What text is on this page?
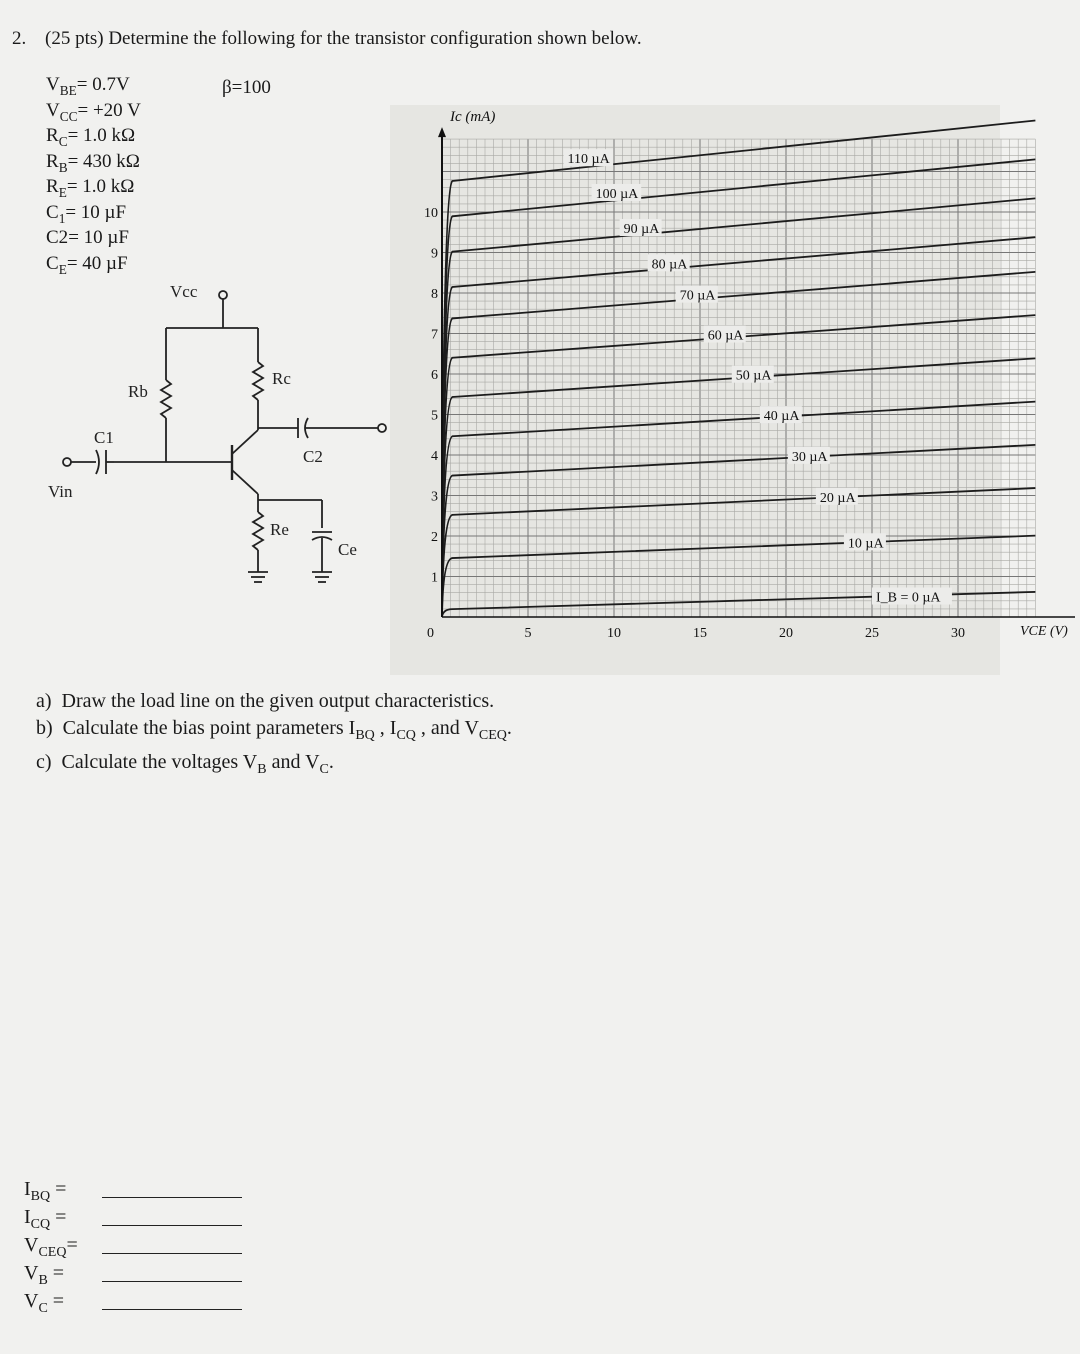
2. (25 pts) Determine the following for the transistor configuration shown below.
$V_{BE}= 0.7V$
$V_{CC}= +20$ V
$R_C= 1.0$ kΩ
$R_B= 430$ kΩ
$R_E= 1.0$ kΩ
$C_1= 10$ µF
C2= 10 µF
$C_E= 40$ µF
β=100
Vcc
Rb
Rc
C1
C2
Re
Ce
Vin
110 µA
100 µA
90 µA
80 µA
70 µA
60 µA
50 µA
40 µA
30 µA
20 µA
10 µA
I_B = 0 µA
Ic (mA)
VCE (V)
1
2
3
4
5
6
7
8
9
10
0	5	10	15	20	25	30
a) Draw the load line on the given output characteristics.
b) Calculate the bias point parameters $I_{BQ}$ , $I_{CQ}$ , and $V_{CEQ}$.
c) Calculate the voltages $V_B$ and $V_C$.
$I_{BQ}$ =
$I_{CQ}$ =
$V_{CEQ}=$
$V_B$ =
$V_C$ =
